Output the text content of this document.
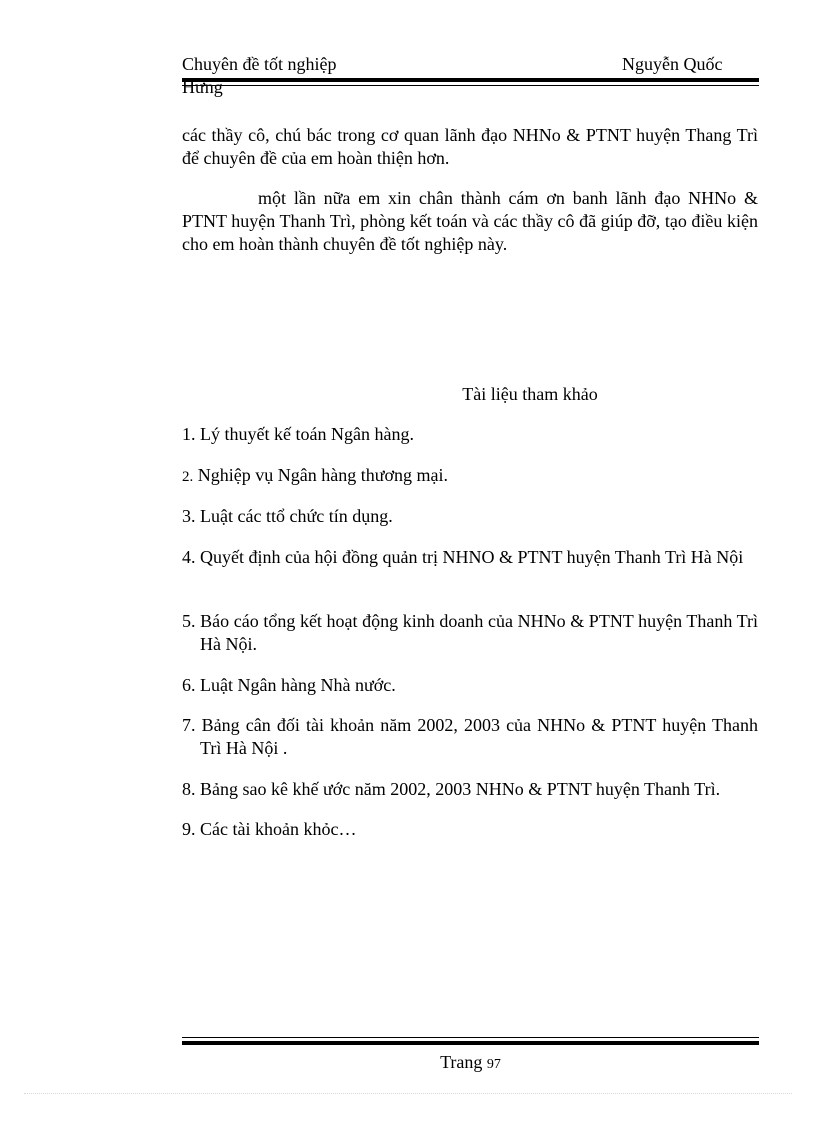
Chuyên đề tốt nghiệp	Nguyễn Quốc
Hưng
các thầy cô, chú bác trong cơ quan lãnh đạo NHNo & PTNT huyện Thang Trì để chuyên đề của em hoàn thiện hơn.
một lần nữa em xin chân thành cám ơn banh lãnh đạo NHNo & PTNT huyện Thanh Trì, phòng kết toán và các thầy cô đã giúp đỡ, tạo điều kiện cho em hoàn thành chuyên đề tốt nghiệp này.
Tài liệu tham khảo
1. Lý thuyết kế toán Ngân hàng.
2. Nghiệp vụ Ngân hàng thương mại.
3. Luật các ttổ chức tín dụng.
4. Quyết định của hội đồng quản trị NHNO & PTNT huyện Thanh Trì Hà Nội
5. Báo cáo tổng kết hoạt động kinh doanh của NHNo & PTNT huyện Thanh Trì Hà Nội.
6. Luật Ngân hàng Nhà nước.
7. Bảng cân đối tài khoản năm 2002, 2003 của NHNo & PTNT huyện Thanh Trì Hà Nội .
8. Bảng sao kê khế ước năm 2002, 2003 NHNo & PTNT huyện Thanh Trì.
9. Các tài khoản khỏc…
Trang 97
